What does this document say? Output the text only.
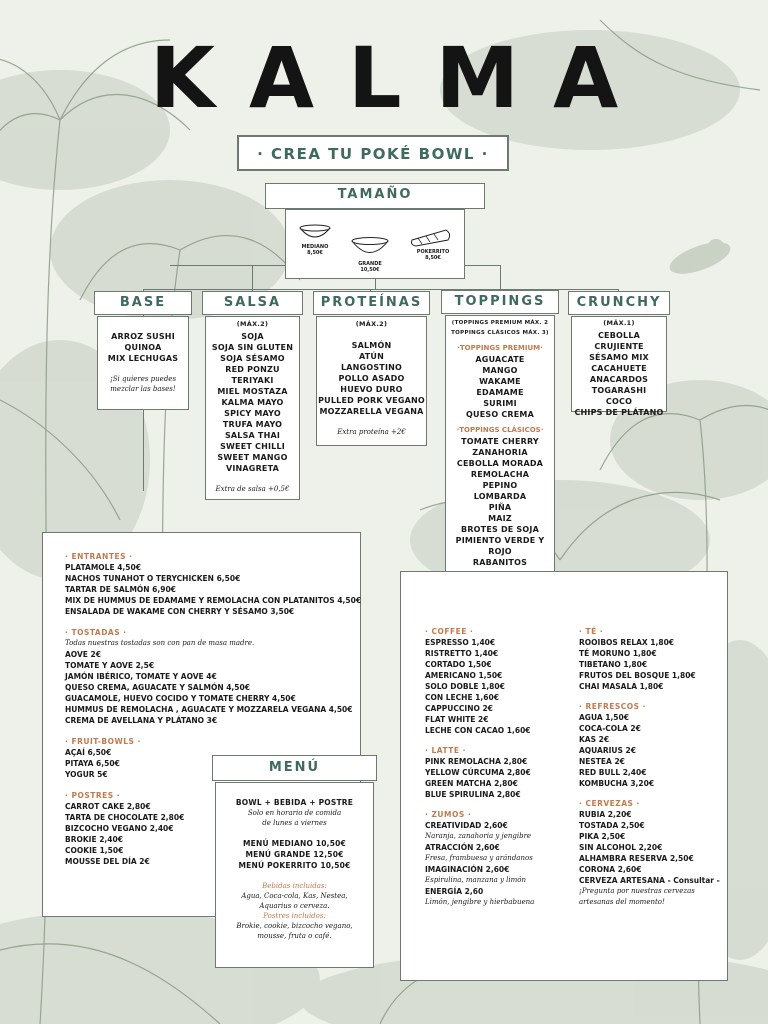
KALMA
· CREA TU POKÉ BOWL ·
TAMAÑO
MEDIANO
8,50€
GRANDE
10,50€
POKERRITO
8,50€
BASE
ARROZ SUSHI
QUINOA
MIX LECHUGAS
¡Si quieres puedes
mezclar las bases!
SALSA
(MÁX.2)
SOJA
SOJA SIN GLUTEN
SOJA SÉSAMO
RED PONZU
TERIYAKI
MIEL MOSTAZA
KALMA MAYO
SPICY MAYO
TRUFA MAYO
SALSA THAI
SWEET CHILLI
SWEET MANGO
VINAGRETA
Extra de salsa +0,5€
PROTEÍNAS
(MÁX.2)
SALMÓN
ATÚN
LANGOSTINO
POLLO ASADO
HUEVO DURO
PULLED PORK VEGANO
MOZZARELLA VEGANA
Extra proteína +2€
TOPPINGS
(TOPPINGS PREMIUM MÁX. 2
TOPPINGS CLÁSICOS MÁX. 3)
·TOPPINGS PREMIUM·
AGUACATE
MANGO
WAKAME
EDAMAME
SURIMI
QUESO CREMA
·TOPPINGS CLÁSICOS·
TOMATE CHERRY
ZANAHORIA
CEBOLLA MORADA
REMOLACHA
PEPINO
LOMBARDA
PIÑA
MAIZ
BROTES DE SOJA
PIMIENTO VERDE Y ROJO
RABANITOS
CRUNCHY
(MÁX.1)
CEBOLLA CRUJIENTE
SÉSAMO MIX
CACAHUETE
ANACARDOS
TOGARASHI
COCO
CHIPS DE PLÁTANO
· ENTRANTES ·
PLATAMOLE 4,50€
NACHOS TUNAHOT O TERYCHICKEN 6,50€
TARTAR DE SALMÓN 6,90€
MIX DE HUMMUS DE EDAMAME Y REMOLACHA CON PLATANITOS 4,50€
ENSALADA DE WAKAME CON CHERRY Y SÉSAMO 3,50€
· TOSTADAS ·
Todas nuestras tostadas son con pan de masa madre.
AOVE 2€
TOMATE Y AOVE 2,5€
JAMÓN IBÉRICO, TOMATE Y AOVE 4€
QUESO CREMA, AGUACATE Y SALMÓN 4,50€
GUACAMOLE, HUEVO COCIDO Y TOMATE CHERRY 4,50€
HUMMUS DE REMOLACHA , AGUACATE Y MOZZARELA VEGANA 4,50€
CREMA DE AVELLANA Y PLÁTANO 3€
· FRUIT-BOWLS ·
AÇAÍ 6,50€
PITAYA 6,50€
YOGUR 5€
· POSTRES ·
CARROT CAKE 2,80€
TARTA DE CHOCOLATE 2,80€
BIZCOCHO VEGANO 2,40€
BROKIE 2,40€
COOKIE 1,50€
MOUSSE DEL DÍA 2€
MENÚ
BOWL + BEBIDA + POSTRE
Solo en horario de comida
de lunes a viernes
MENÚ MEDIANO 10,50€
MENÚ GRANDE 12,50€
MENÚ POKERRITO 10,50€
Bebidas incluidas:
Agua, Coca-cola, Kas, Nestea,
Aquarius o cerveza.
Postres incluidos:
Brokie, cookie, bizcocho vegano,
mousse, fruta o café.
· COFFEE ·
ESPRESSO 1,40€
RISTRETTO 1,40€
CORTADO 1,50€
AMERICANO 1,50€
SOLO DOBLE 1,80€
CON LECHE 1,60€
CAPPUCCINO 2€
FLAT WHITE 2€
LECHE CON CACAO 1,60€
· LATTE ·
PINK REMOLACHA 2,80€
YELLOW CÚRCUMA 2,80€
GREEN MATCHA 2,80€
BLUE SPIRULINA 2,80€
· ZUMOS ·
CREATIVIDAD 2,60€
Naranja, zanahoria y jengibre
ATRACCIÓN 2,60€
Fresa, frambuesa y arándanos
IMAGINACIÓN 2,60€
Espirulina, manzana y limón
ENERGÍA 2,60
Limón, jengibre y hierbabuena
· TÉ ·
ROOIBOS RELAX 1,80€
TÉ MORUNO 1,80€
TIBETANO 1,80€
FRUTOS DEL BOSQUE 1,80€
CHAI MASALA 1,80€
· REFRESCOS ·
AGUA 1,50€
COCA-COLA 2€
KAS 2€
AQUARIUS 2€
NESTEA 2€
RED BULL 2,40€
KOMBUCHA 3,20€
· CERVEZAS ·
RUBIA 2,20€
TOSTADA 2,50€
PIKA 2,50€
SIN ALCOHOL 2,20€
ALHAMBRA RESERVA 2,50€
CORONA 2,60€
CERVEZA ARTESANA - Consultar -
¡Pregunta por nuestras cervezas
artesanas del momento!
